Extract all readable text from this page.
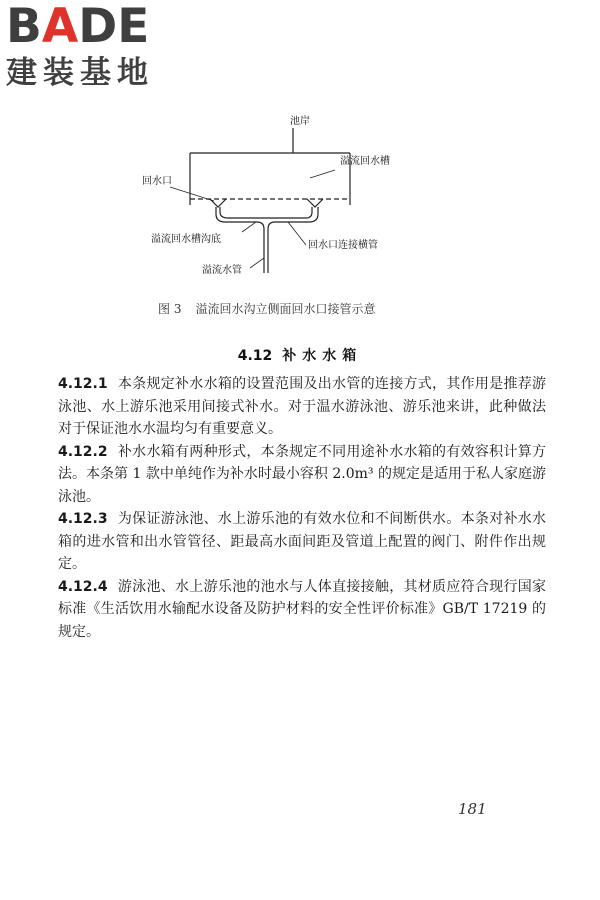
BADE
建装基地
池岸
溢流回水槽
回水口
溢流回水槽沟底
回水口连接横管
溢流水管
图 3 溢流回水沟立侧面回水口接管示意
4.12 补水水箱

4.12.1 本条规定补水水箱的设置范围及出水管的连接方式，其作用是推荐游泳池、水上游乐池采用间接式补水。对于温水游泳池、游乐池来讲，此种做法对于保证池水水温均匀有重要意义。

4.12.2 补水水箱有两种形式，本条规定不同用途补水水箱的有效容积计算方法。本条第 1 款中单纯作为补水时最小容积 2.0m³ 的规定是适用于私人家庭游泳池。

4.12.3 为保证游泳池、水上游乐池的有效水位和不间断供水。本条对补水水箱的进水管和出水管管径、距最高水面间距及管道上配置的阀门、附件作出规定。

4.12.4 游泳池、水上游乐池的池水与人体直接接触，其材质应符合现行国家标准《生活饮用水输配水设备及防护材料的安全性评价标准》GB/T 17219 的规定。

181
